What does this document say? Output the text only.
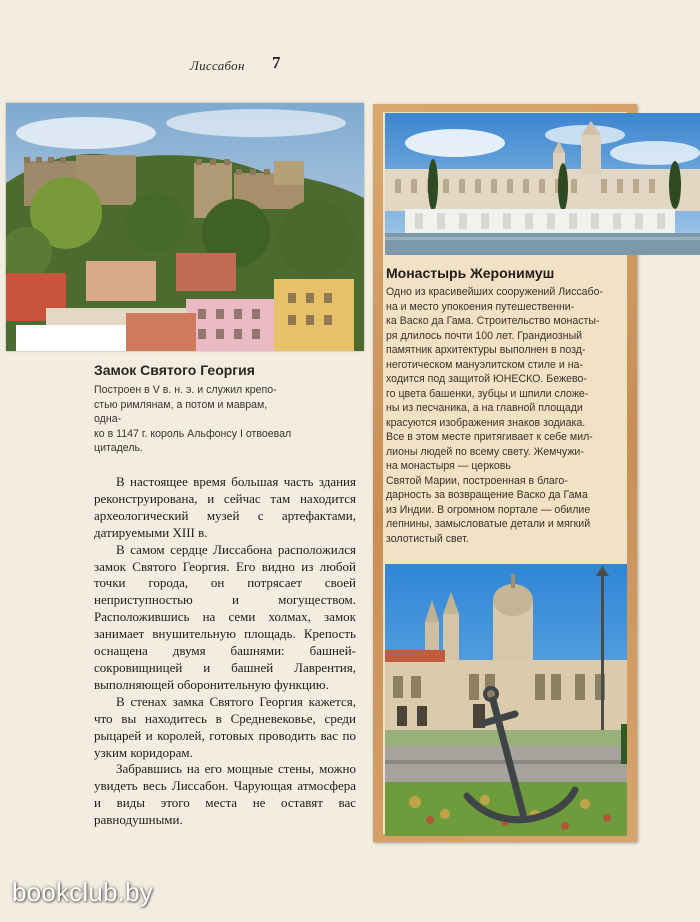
Лиссабон 7
Замок Святого Георгия
Построен в V в. н. э. и служил крепо-
стью римлянам, а потом и маврам, одна-
ко в 1147 г. король Альфонсу I отвоевал
цитадель.

В настоящее время большая часть здания реконструирована, и сейчас там находится археологический музей с артефактами, датируемыми XIII в.

В самом сердце Лиссабона расположился замок Святого Георгия. Его видно из любой точки города, он потрясает своей неприступностью и могуществом. Расположившись на семи холмах, замок занимает внушительную площадь. Крепость оснащена двумя башнями: башней-сокровищницей и башней Лаврентия, выполняющей оборонительную функцию.

В стенах замка Святого Георгия кажется, что вы находитесь в Средневековье, среди рыцарей и королей, готовых проводить вас по узким коридорам.

Забравшись на его мощные стены, можно увидеть весь Лиссабон. Чарующая атмосфера и виды этого места не оставят вас равнодушными.

Монастырь Жеронимуш
Одно из красивейших сооружений Лиссабо-
на и место упокоения путешественни-
ка Васко да Гама. Строительство монасты-
ря длилось почти 100 лет. Грандиозный
памятник архитектуры выполнен в позд-
неготическом мануэлитском стиле и на-
ходится под защитой ЮНЕСКО. Бежево-
го цвета башенки, зубцы и шпили сложе-
ны из песчаника, а на главной площади
красуются изображения знаков зодиака.
Все в этом месте притягивает к себе мил-
лионы людей по всему свету. Жемчужи-
на монастыря — церковь
Святой Марии, построенная в благо-
дарность за возвращение Васко да Гама
из Индии. В огромном портале — обилие
лепнины, замысловатые детали и мягкий
золотистый свет.
bookclub.by
